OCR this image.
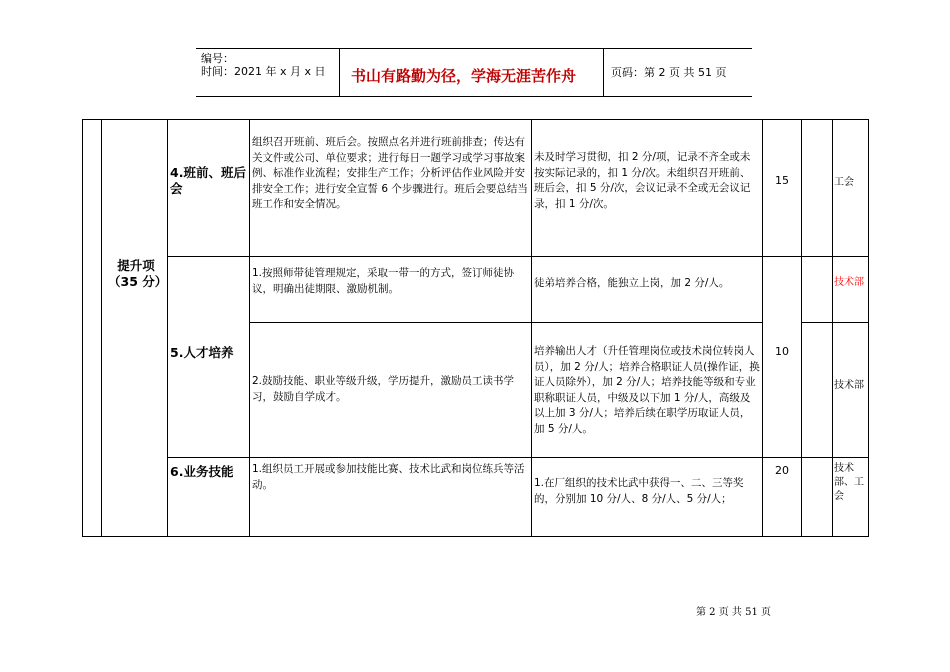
编号：
时间：2021 年 x 月 x 日 书山有路勤为径，学海无涯苦作舟	页码：第 2 页 共 51 页
提升项（35 分）
4.班前、班后会
5.人才培养
6.业务技能
组织召开班前、班后会。按照点名并进行班前排查；传达有关文件或公司、单位要求；进行每日一题学习或学习事故案例、标准作业流程；安排生产工作；分析评估作业风险并安排安全工作；进行安全宣誓 6 个步骤进行。班后会要总结当班工作和安全情况。
1.按照师带徒管理规定，采取一带一的方式，签订师徒协议，明确出徒期限、激励机制。
2.鼓励技能、职业等级升级，学历提升，激励员工读书学习，鼓励自学成才。
1.组织员工开展或参加技能比赛、技术比武和岗位练兵等活动。
未及时学习贯彻，扣 2 分/项，记录不齐全或未按实际记录的，扣 1 分/次。未组织召开班前、班后会，扣 5 分/次，会议记录不全或无会议记录，扣 1 分/次。
徒弟培养合格，能独立上岗，加 2 分/人。
培养输出人才（升任管理岗位或技术岗位转岗人员），加 2 分/人；培养合格职证人员(操作证，换证人员除外），加 2 分/人；培养技能等级和专业职称职证人员，中级及以下加 1 分/人，高级及以上加 3 分/人；培养后续在职学历取证人员，加 5 分/人。
1.在厂组织的技术比武中获得一、二、三等奖的，分别加 10 分/人、8 分/人、5 分/人；
15
10
20
工会
技术部
技术部
技术部、工会
第 2 页 共 51 页
